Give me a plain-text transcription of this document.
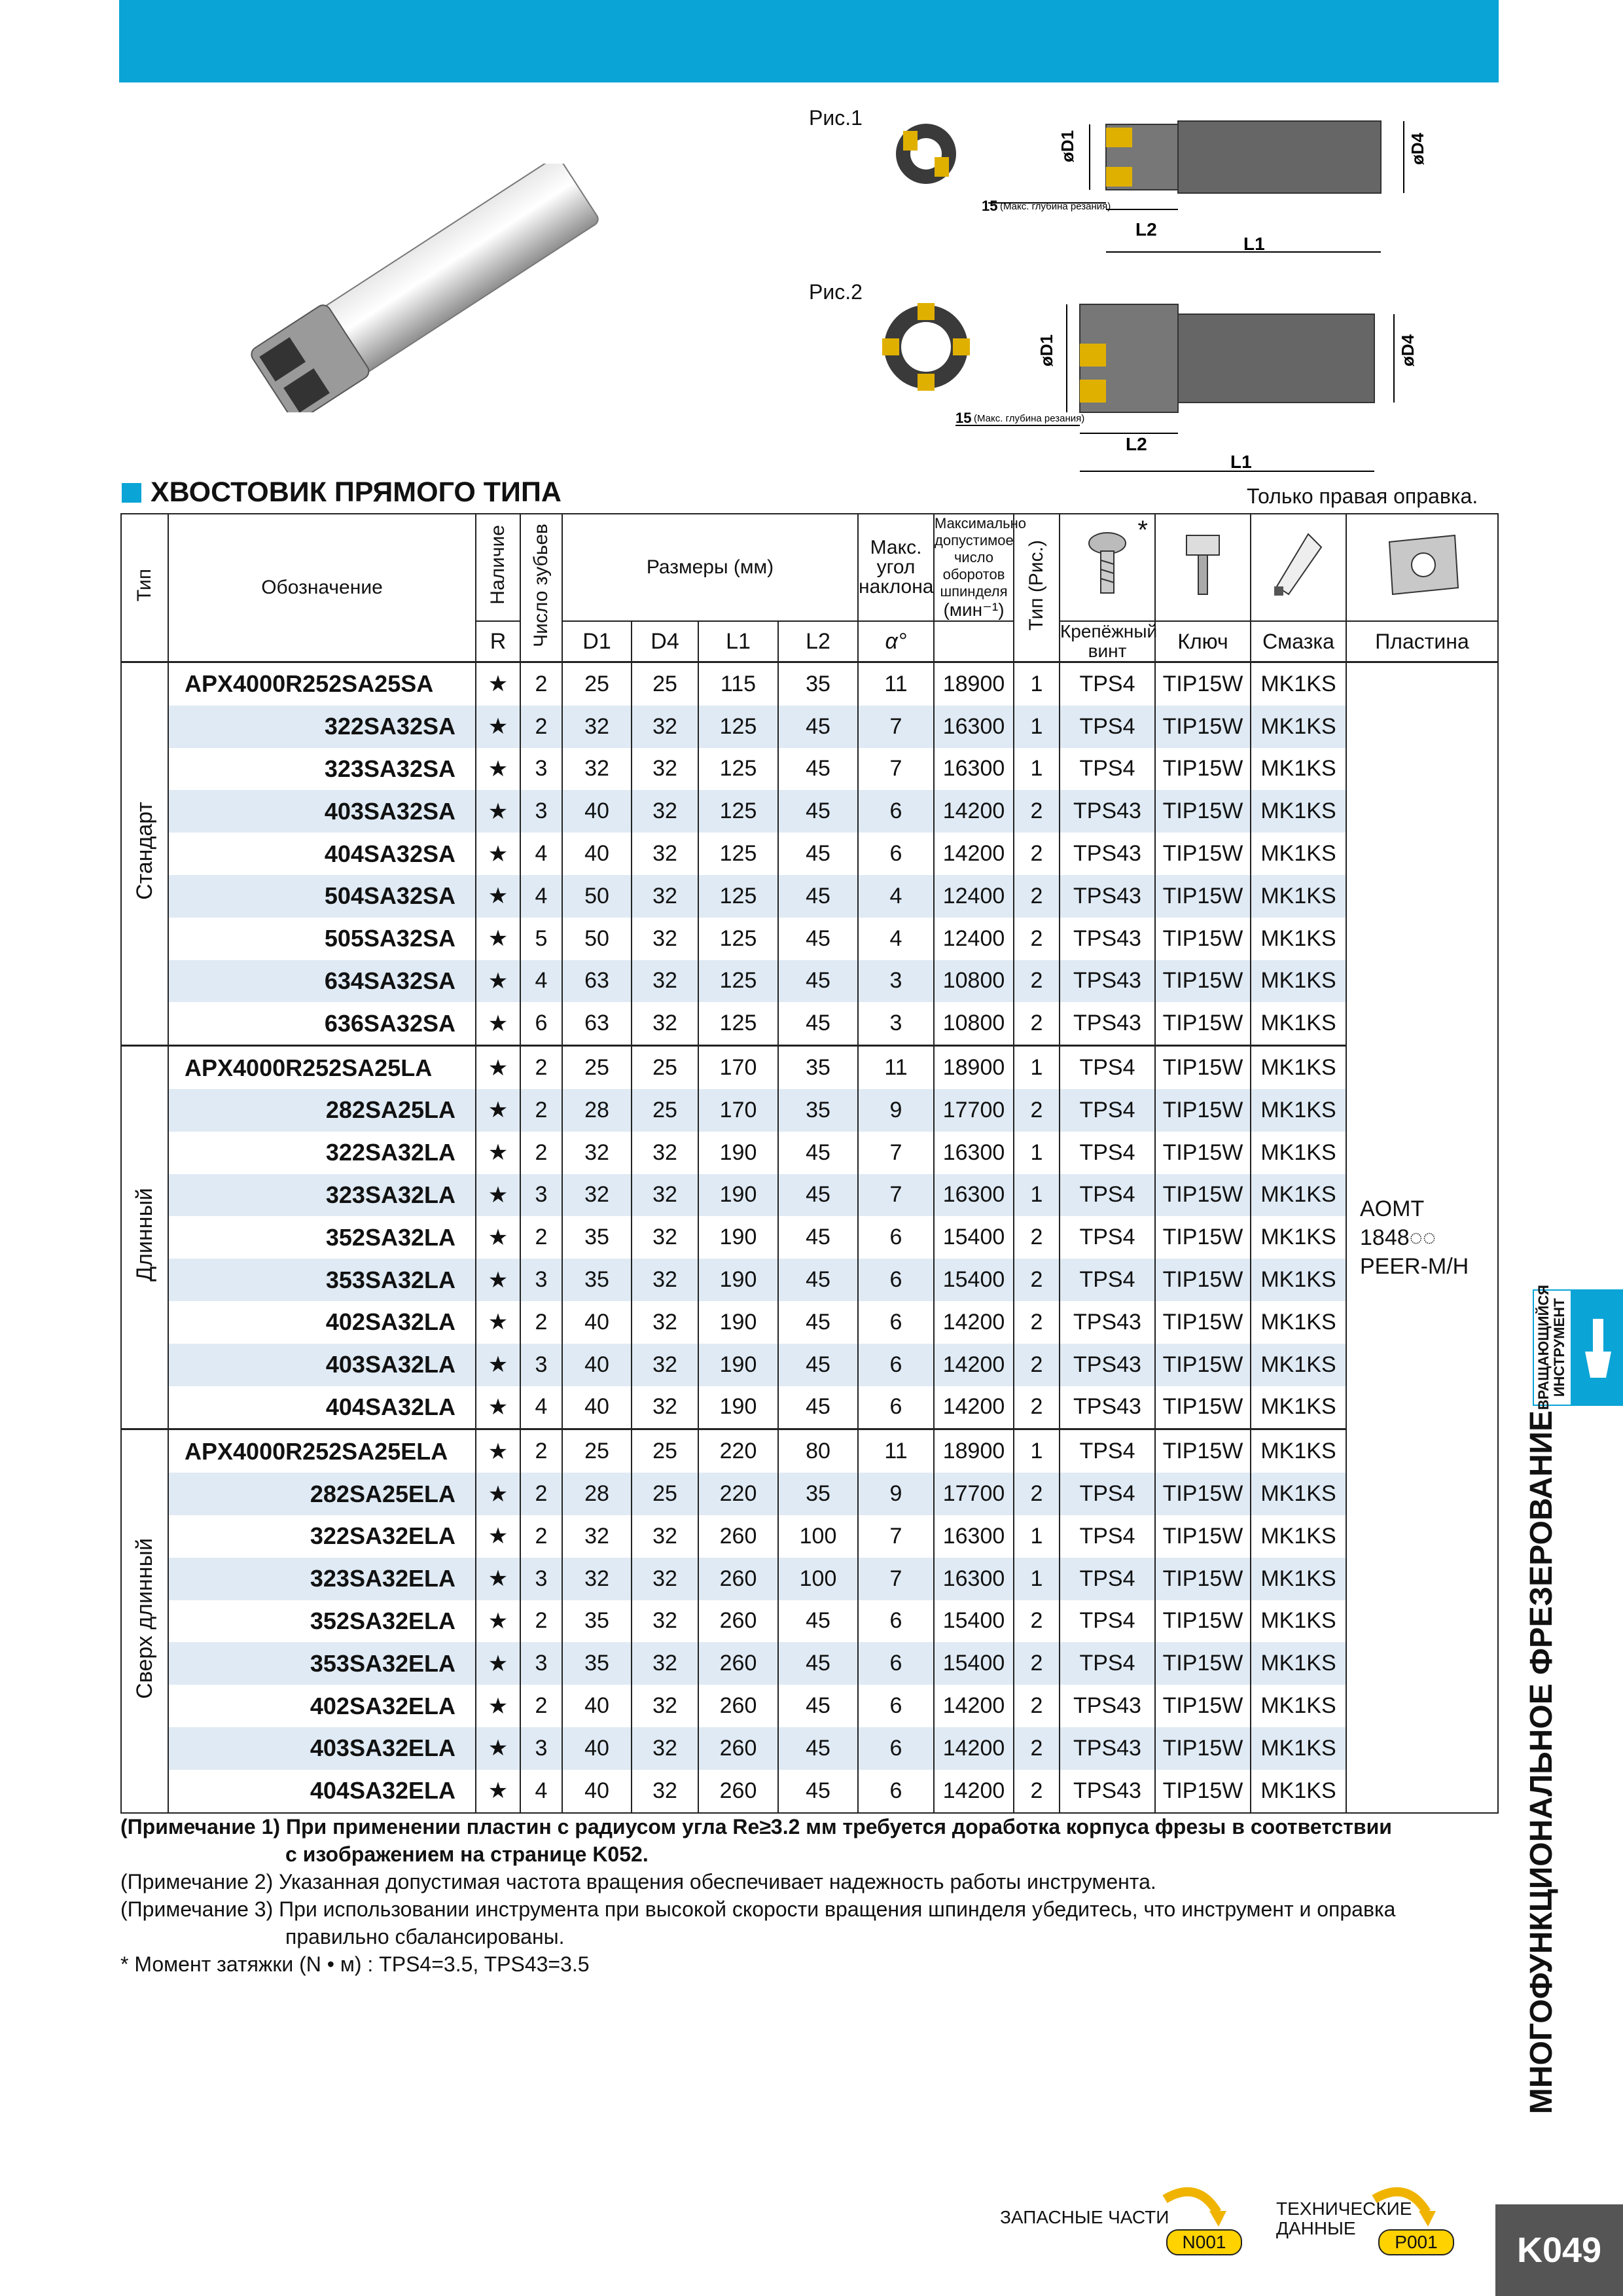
Рис.1
øD1	øD4
L2
L1
15 (Макс. глубина резания)
Рис.2
øD1	øD4
L2
L1
15 (Макс. глубина резания)
ХВОСТОВИК ПРЯМОГО ТИПА	Только правая оправка.
Тип	Обозначение	Наличие	Число зубьев	Размеры (мм)				Макс. угол наклона	Максимально допустимое число оборотов шпинделя
(мин⁻¹)	Тип (Рис.)	*

		R		D1	D4	L1	L2	α°			Крепёжный винт	Ключ	Смазка	Пластина
Стандарт	APX4000R252SA25SA	★	2	25	25	115	35	11	18900	1	TPS4	TIP15W	MK1KS	AOMT
1848◌◌
PEER-M/H

	322SA32SA	★	2	32	32	125	45	7	16300	1	TPS4	TIP15W	MK1KS	
	323SA32SA	★	3	32	32	125	45	7	16300	1	TPS4	TIP15W	MK1KS	
	403SA32SA	★	3	40	32	125	45	6	14200	2	TPS43	TIP15W	MK1KS	
	404SA32SA	★	4	40	32	125	45	6	14200	2	TPS43	TIP15W	MK1KS	
	504SA32SA	★	4	50	32	125	45	4	12400	2	TPS43	TIP15W	MK1KS	
	505SA32SA	★	5	50	32	125	45	4	12400	2	TPS43	TIP15W	MK1KS	
	634SA32SA	★	4	63	32	125	45	3	10800	2	TPS43	TIP15W	MK1KS	
	636SA32SA	★	6	63	32	125	45	3	10800	2	TPS43	TIP15W	MK1KS	
Длинный	APX4000R252SA25LA	★	2	25	25	170	35	11	18900	1	TPS4	TIP15W	MK1KS	
	282SA25LA	★	2	28	25	170	35	9	17700	2	TPS4	TIP15W	MK1KS	
	322SA32LA	★	2	32	32	190	45	7	16300	1	TPS4	TIP15W	MK1KS	
	323SA32LA	★	3	32	32	190	45	7	16300	1	TPS4	TIP15W	MK1KS	
	352SA32LA	★	2	35	32	190	45	6	15400	2	TPS4	TIP15W	MK1KS	
	353SA32LA	★	3	35	32	190	45	6	15400	2	TPS4	TIP15W	MK1KS	
	402SA32LA	★	2	40	32	190	45	6	14200	2	TPS43	TIP15W	MK1KS	
	403SA32LA	★	3	40	32	190	45	6	14200	2	TPS43	TIP15W	MK1KS	
	404SA32LA	★	4	40	32	190	45	6	14200	2	TPS43	TIP15W	MK1KS	
Сверх длинный	APX4000R252SA25ELA	★	2	25	25	220	80	11	18900	1	TPS4	TIP15W	MK1KS	
	282SA25ELA	★	2	28	25	220	35	9	17700	2	TPS4	TIP15W	MK1KS	
	322SA32ELA	★	2	32	32	260	100	7	16300	1	TPS4	TIP15W	MK1KS	
	323SA32ELA	★	3	32	32	260	100	7	16300	1	TPS4	TIP15W	MK1KS	
	352SA32ELA	★	2	35	32	260	45	6	15400	2	TPS4	TIP15W	MK1KS	
	353SA32ELA	★	3	35	32	260	45	6	15400	2	TPS4	TIP15W	MK1KS	
	402SA32ELA	★	2	40	32	260	45	6	14200	2	TPS43	TIP15W	MK1KS	
	403SA32ELA	★	3	40	32	260	45	6	14200	2	TPS43	TIP15W	MK1KS	
	404SA32ELA	★	4	40	32	260	45	6	14200	2	TPS43	TIP15W	MK1KS	
(Примечание 1) При применении пластин с радиусом угла Re≥3.2 мм требуется доработка корпуса фрезы в соответствии
с изображением на странице K052.
(Примечание 2) Указанная допустимая частота вращения обеспечивает надежность работы инструмента.
(Примечание 3) При использовании инструмента при высокой скорости вращения шпинделя убедитесь, что инструмент и оправка
правильно сбалансированы.
* Момент затяжки (N • м) : TPS4=3.5, TPS43=3.5
ВРАЩАЮЩИЙСЯ ИНСТРУМЕНТ
МНОГОФУНКЦИОНАЛЬНОЕ ФРЕЗЕРОВАНИЕ
ЗАПАСНЫЕ ЧАСТИ
N001
ТЕХНИЧЕСКИЕ
ДАННЫЕ
P001	K049
